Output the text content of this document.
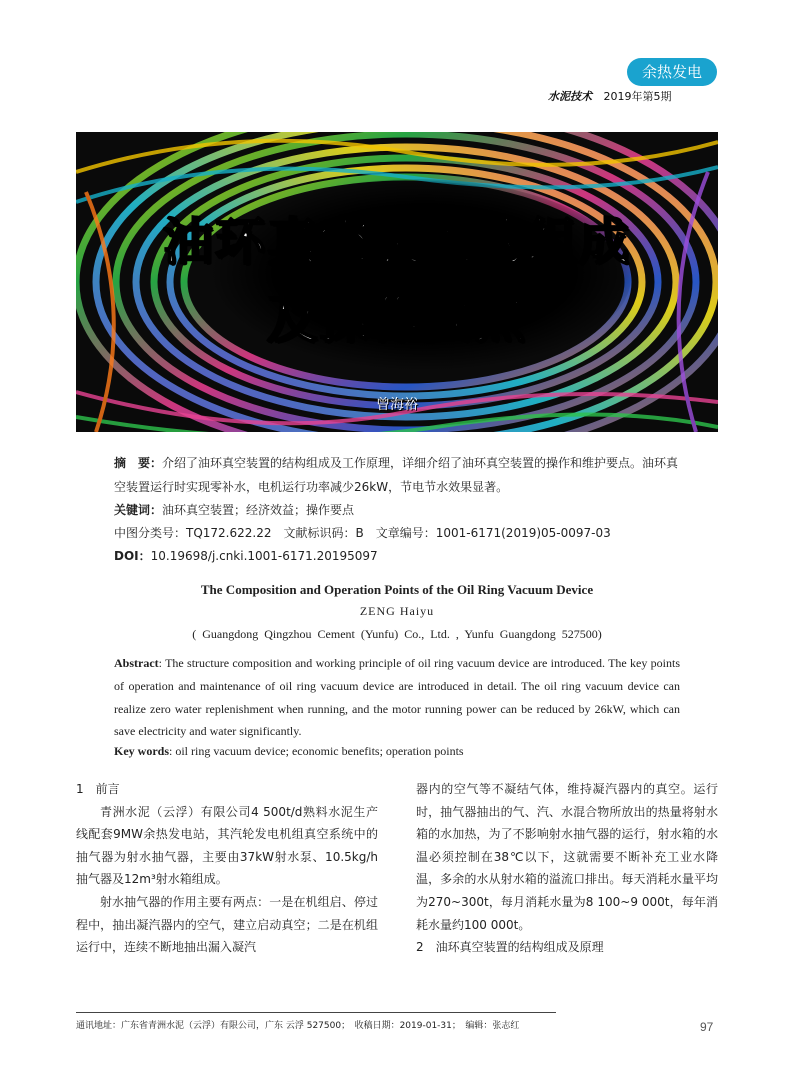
余热发电
水泥技术 2019年第5期
油环真空装置的组成
及操作要点
曾海裕
摘　要：介绍了油环真空装置的结构组成及工作原理，详细介绍了油环真空装置的操作和维护要点。油环真空装置运行时实现零补水，电机运行功率减少26kW，节电节水效果显著。
关键词：油环真空装置；经济效益；操作要点
中图分类号：TQ172.622.22　文献标识码：B　文章编号：1001-6171(2019)05-0097-03
DOI：10.19698/j.cnki.1001-6171.20195097
The Composition and Operation Points of the Oil Ring Vacuum Device
ZENG Haiyu
( Guangdong Qingzhou Cement (Yunfu) Co., Ltd. , Yunfu Guangdong 527500)
Abstract: The structure composition and working principle of oil ring vacuum device are introduced. The key points of operation and maintenance of oil ring vacuum device are introduced in detail. The oil ring vacuum device can realize zero water replenishment when running, and the motor running power can be reduced by 26kW, which can save electricity and water significantly.
Key words: oil ring vacuum device; economic benefits; operation points

1　前言

青洲水泥（云浮）有限公司4 500t/d熟料水泥生产线配套9MW余热发电站，其汽轮发电机组真空系统中的抽气器为射水抽气器，主要由37kW射水泵、10.5kg/h抽气器及12m³射水箱组成。

射水抽气器的作用主要有两点：一是在机组启、停过程中，抽出凝汽器内的空气，建立启动真空；二是在机组运行中，连续不断地抽出漏入凝汽

器内的空气等不凝结气体，维持凝汽器内的真空。运行时，抽气器抽出的气、汽、水混合物所放出的热量将射水箱的水加热，为了不影响射水抽气器的运行，射水箱的水温必须控制在38℃以下，这就需要不断补充工业水降温，多余的水从射水箱的溢流口排出。每天消耗水量平均为270~300t，每月消耗水量为8 100~9 000t，每年消耗水量约100 000t。

2　油环真空装置的结构组成及原理

通讯地址：广东省青洲水泥（云浮）有限公司，广东 云浮 527500；　收稿日期：2019-01-31；　编辑：张志红	97
